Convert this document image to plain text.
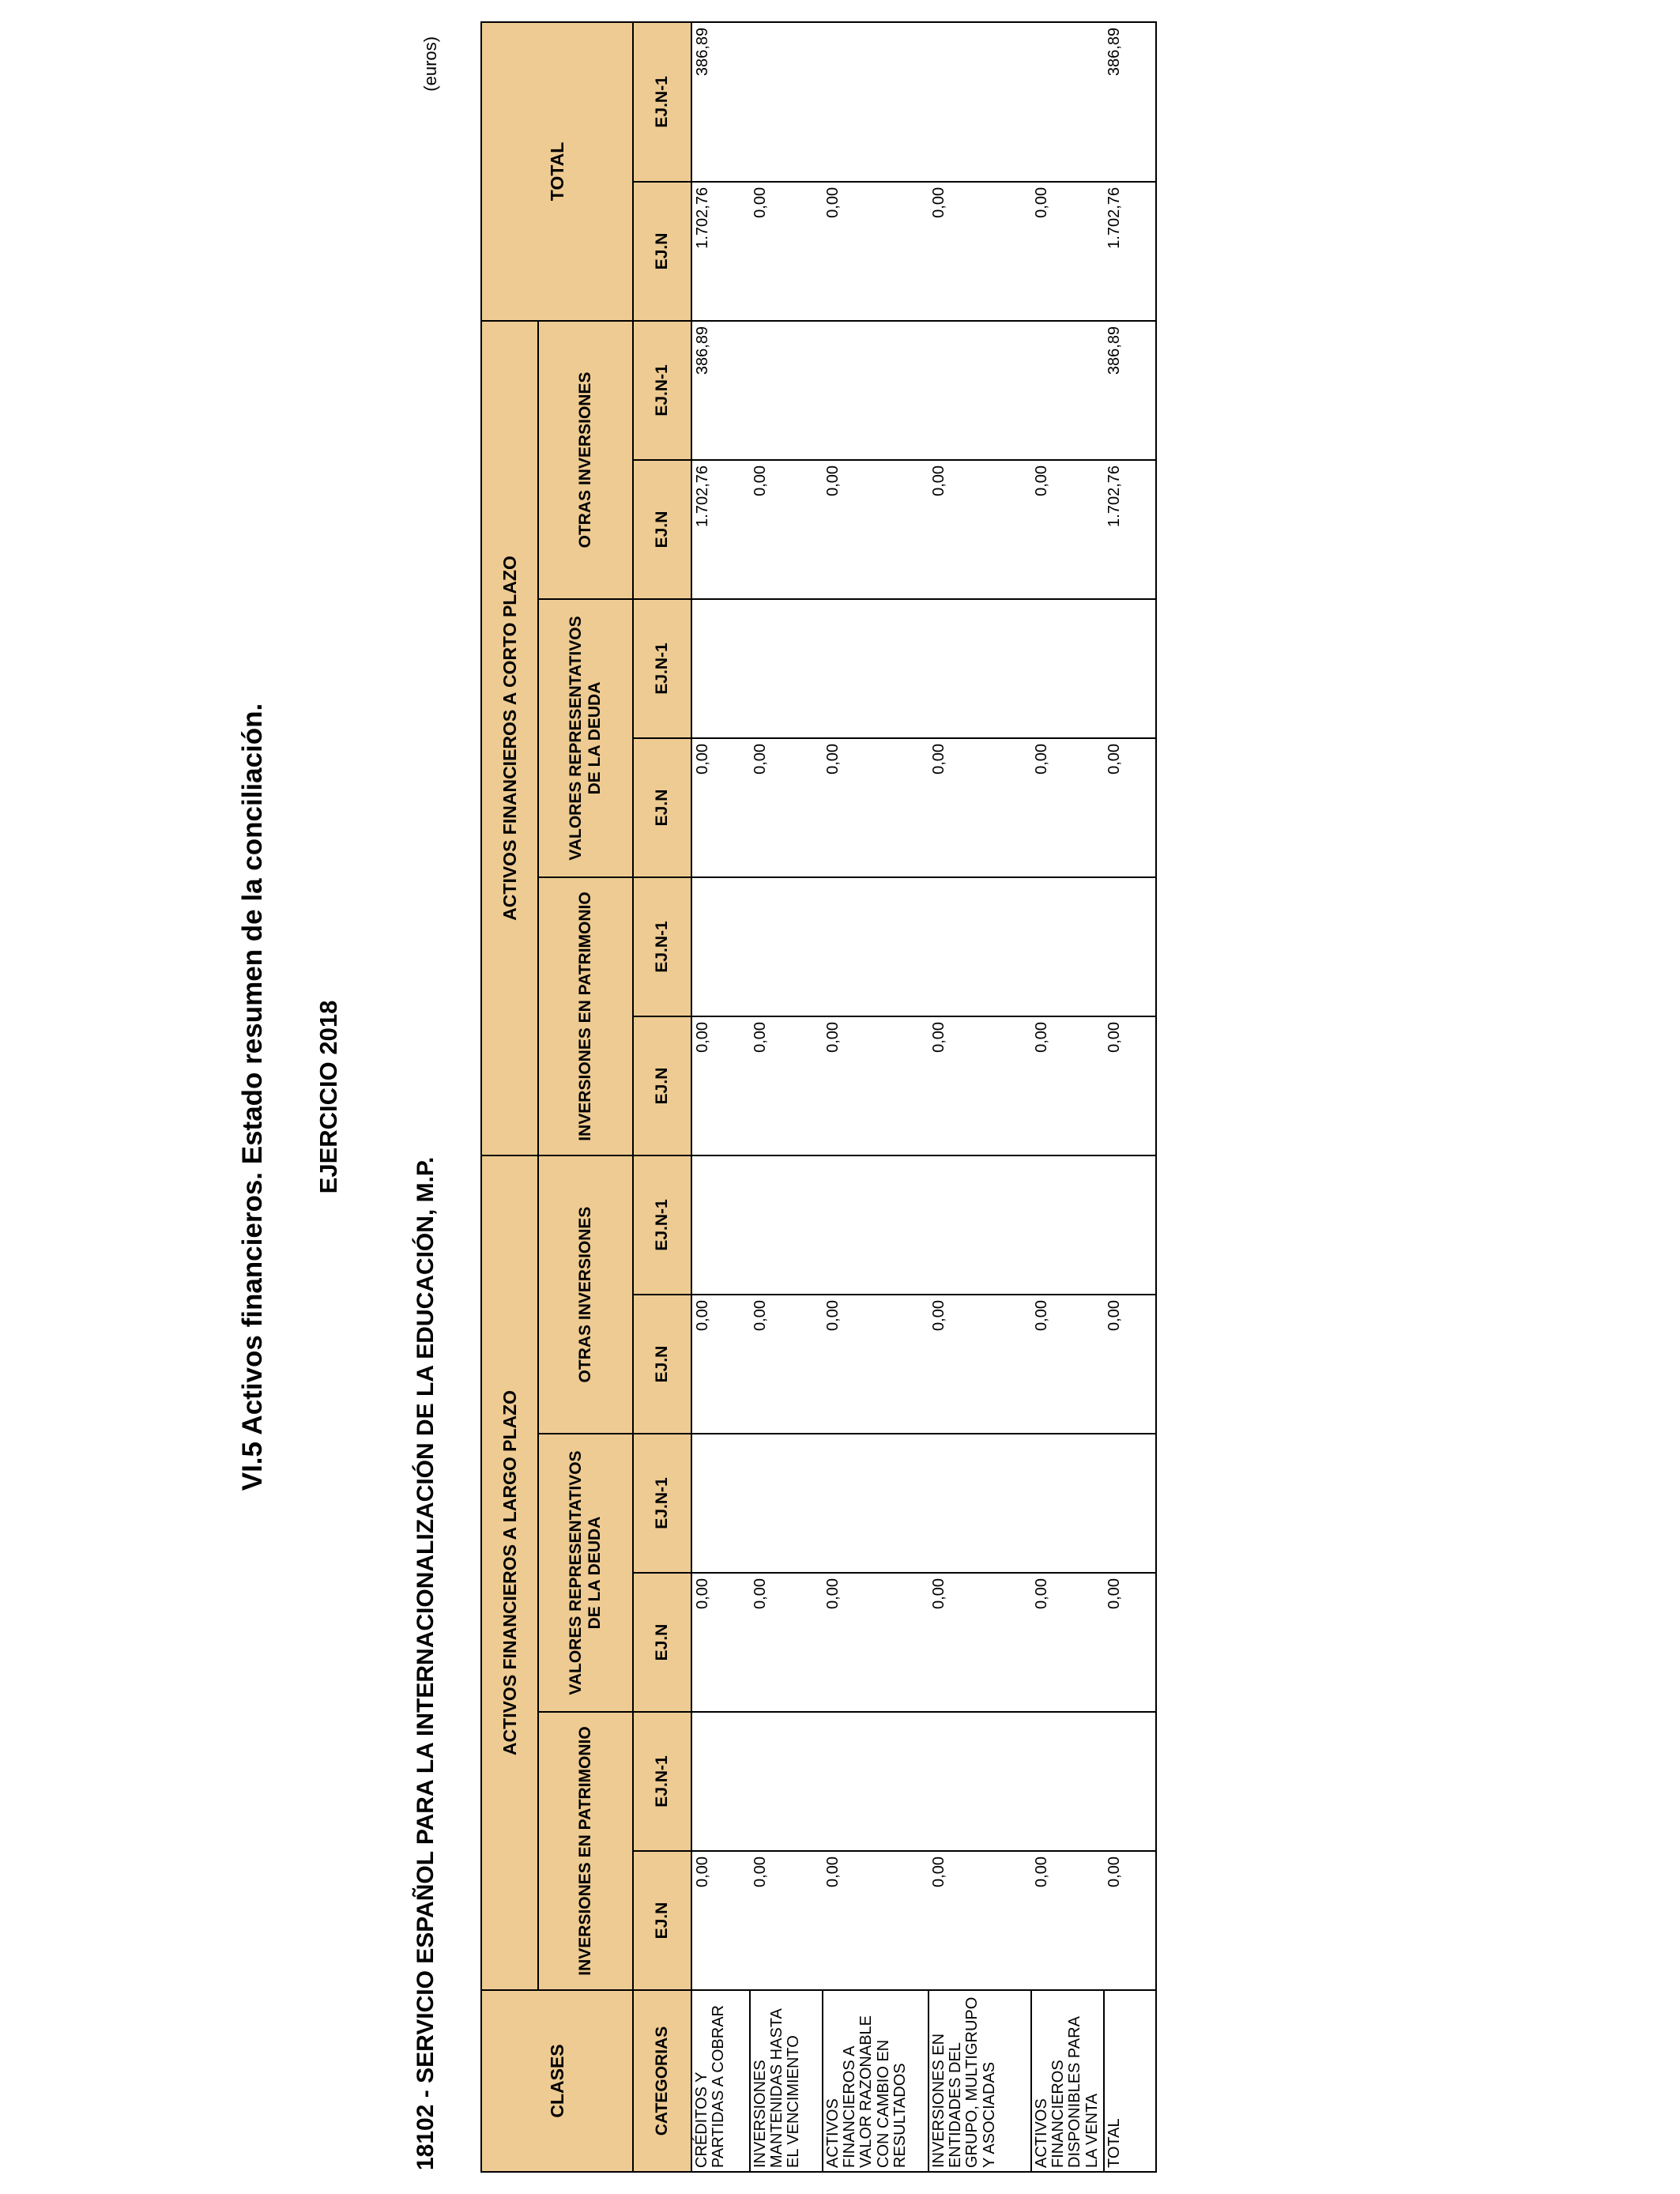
VI.5 Activos financieros. Estado resumen de la conciliación. EJERCICIO 2018
18102 - SERVICIO ESPAÑOL PARA LA INTERNACIONALIZACIÓN DE LA EDUCACIÓN, M.P.
(euros)
CLASES	ACTIVOS FINANCIEROS A LARGO PLAZO						ACTIVOS FINANCIEROS A CORTO PLAZO						TOTAL	
	INVERSIONES EN PATRIMONIO		VALORES REPRESENTATIVOS DE LA DEUDA		OTRAS INVERSIONES		INVERSIONES EN PATRIMONIO		VALORES REPRESENTATIVOS DE LA DEUDA		OTRAS INVERSIONES			
CATEGORIAS	EJ.N	EJ.N-1	EJ.N	EJ.N-1	EJ.N	EJ.N-1	EJ.N	EJ.N-1	EJ.N	EJ.N-1	EJ.N	EJ.N-1	EJ.N	EJ.N-1
CRÉDITOS Y PARTIDAS A COBRAR	0,00		0,00		0,00		0,00		0,00		1.702,76	386,89	1.702,76	386,89
INVERSIONES MANTENIDAS HASTA EL VENCIMIENTO	0,00		0,00		0,00		0,00		0,00		0,00		0,00	
ACTIVOS FINANCIEROS A VALOR RAZONABLE CON CAMBIO EN RESULTADOS	0,00		0,00		0,00		0,00		0,00		0,00		0,00	
INVERSIONES EN ENTIDADES DEL GRUPO, MULTIGRUPO Y ASOCIADAS	0,00		0,00		0,00		0,00		0,00		0,00		0,00	
ACTIVOS FINANCIEROS DISPONIBLES PARA LA VENTA	0,00		0,00		0,00		0,00		0,00		0,00		0,00	
TOTAL	0,00		0,00		0,00		0,00		0,00		1.702,76	386,89	1.702,76	386,89
